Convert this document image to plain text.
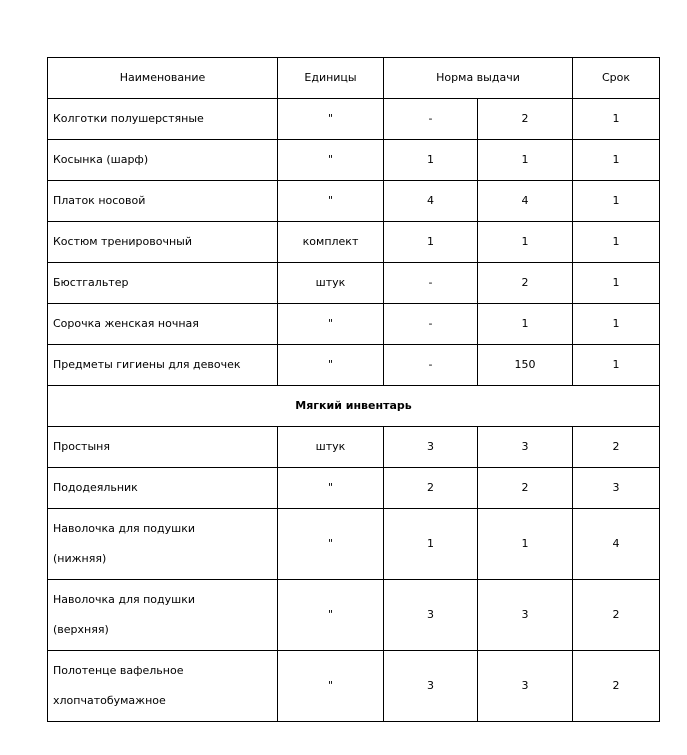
Наименование	Единицы	Норма выдачи		Срок
Колготки полушерстяные	"	-	2	1
Косынка (шарф)	"	1	1	1
Платок носовой	"	4	4	1
Костюм тренировочный	комплект	1	1	1
Бюстгальтер	штук	-	2	1
Сорочка женская ночная	"	-	1	1
Предметы гигиены для девочек	"	-	150	1
Мягкий инвентарь				
Простыня	штук	3	3	2
Пододеяльник	"	2	2	3
Наволочка для подушки
(нижняя)	"	1	1	4
Наволочка для подушки
(верхняя)	"	3	3	2
Полотенце вафельное
хлопчатобумажное	"	3	3	2
